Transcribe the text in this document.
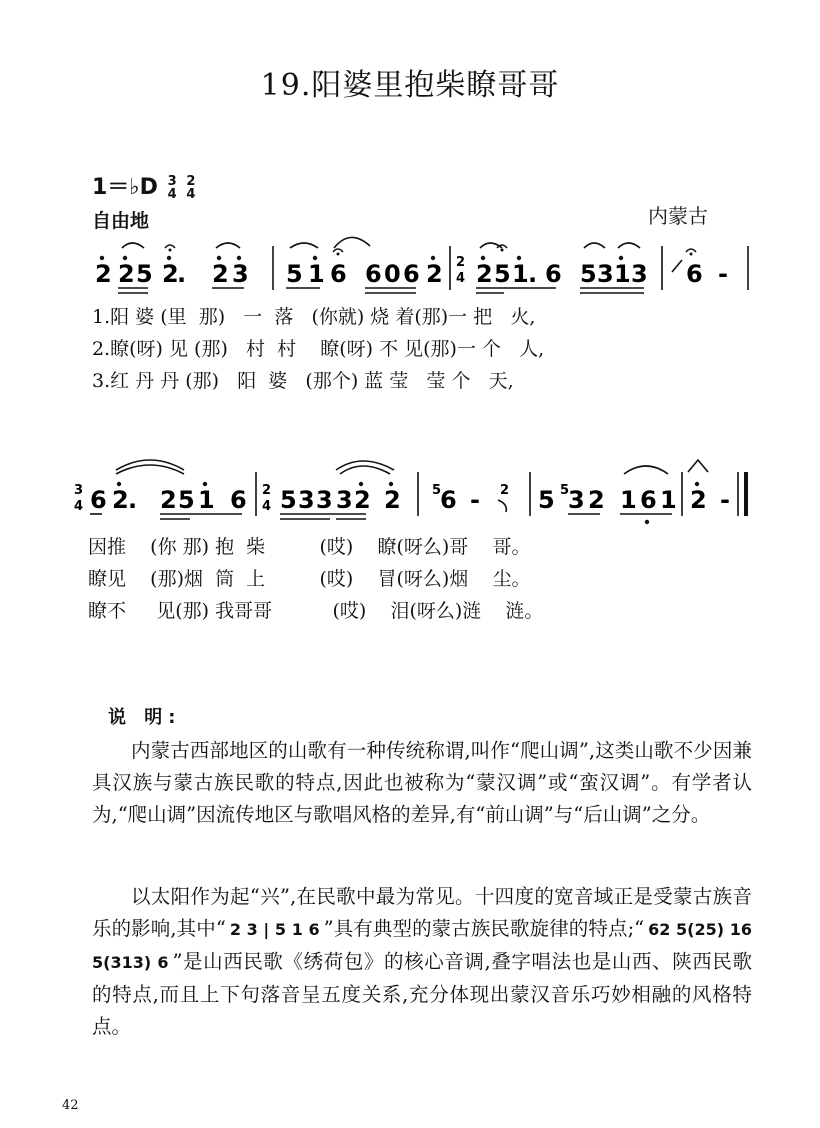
19.阳婆里抱柴瞭哥哥
1＝♭D 3
4 2
4
自由地	内蒙古
2 2 5 2
. 2 3 5 1 6 6 0 6 2 2
4 2 5 1 . 6 5 3 1 3 6 -
3
4 6 2 . 2 5 1 6 2
4 5 3 3 3 2 2 5
6 - 2 5 5
3 2 1 6 1 2 -
1.阳 婆 (里  那)   一  落   (你就) 烧 着(那)一 把   火,
2.瞭(呀) 见 (那)   村  村    瞭(呀) 不 见(那)一 个   人,
3.红 丹 丹 (那)   阳  婆   (那个) 蓝 莹   莹 个   天,
因推    (你 那) 抱  柴         (哎)    瞭(呀么)哥    哥。
瞭见    (那)烟  筒  上         (哎)    冒(呀么)烟    尘。
瞭不     见(那) 我哥哥          (哎)    泪(呀么)涟    涟。
说 明:
内蒙古西部地区的山歌有一种传统称谓,叫作“爬山调”,这类山歌不少因兼具汉族与蒙古族民歌的特点,因此也被称为“蒙汉调”或“蛮汉调”。有学者认为,“爬山调”因流传地区与歌唱风格的差异,有“前山调”与“后山调”之分。
以太阳作为起“兴”,在民歌中最为常见。十四度的宽音域正是受蒙古族音乐的影响,其中“ 2 3 | 5 1 6 ”具有典型的蒙古族民歌旋律的特点;“ 62 5(25) 16 5(313) 6 ”是山西民歌《绣荷包》的核心音调,叠字唱法也是山西、陕西民歌的特点,而且上下句落音呈五度关系,充分体现出蒙汉音乐巧妙相融的风格特点。
42
